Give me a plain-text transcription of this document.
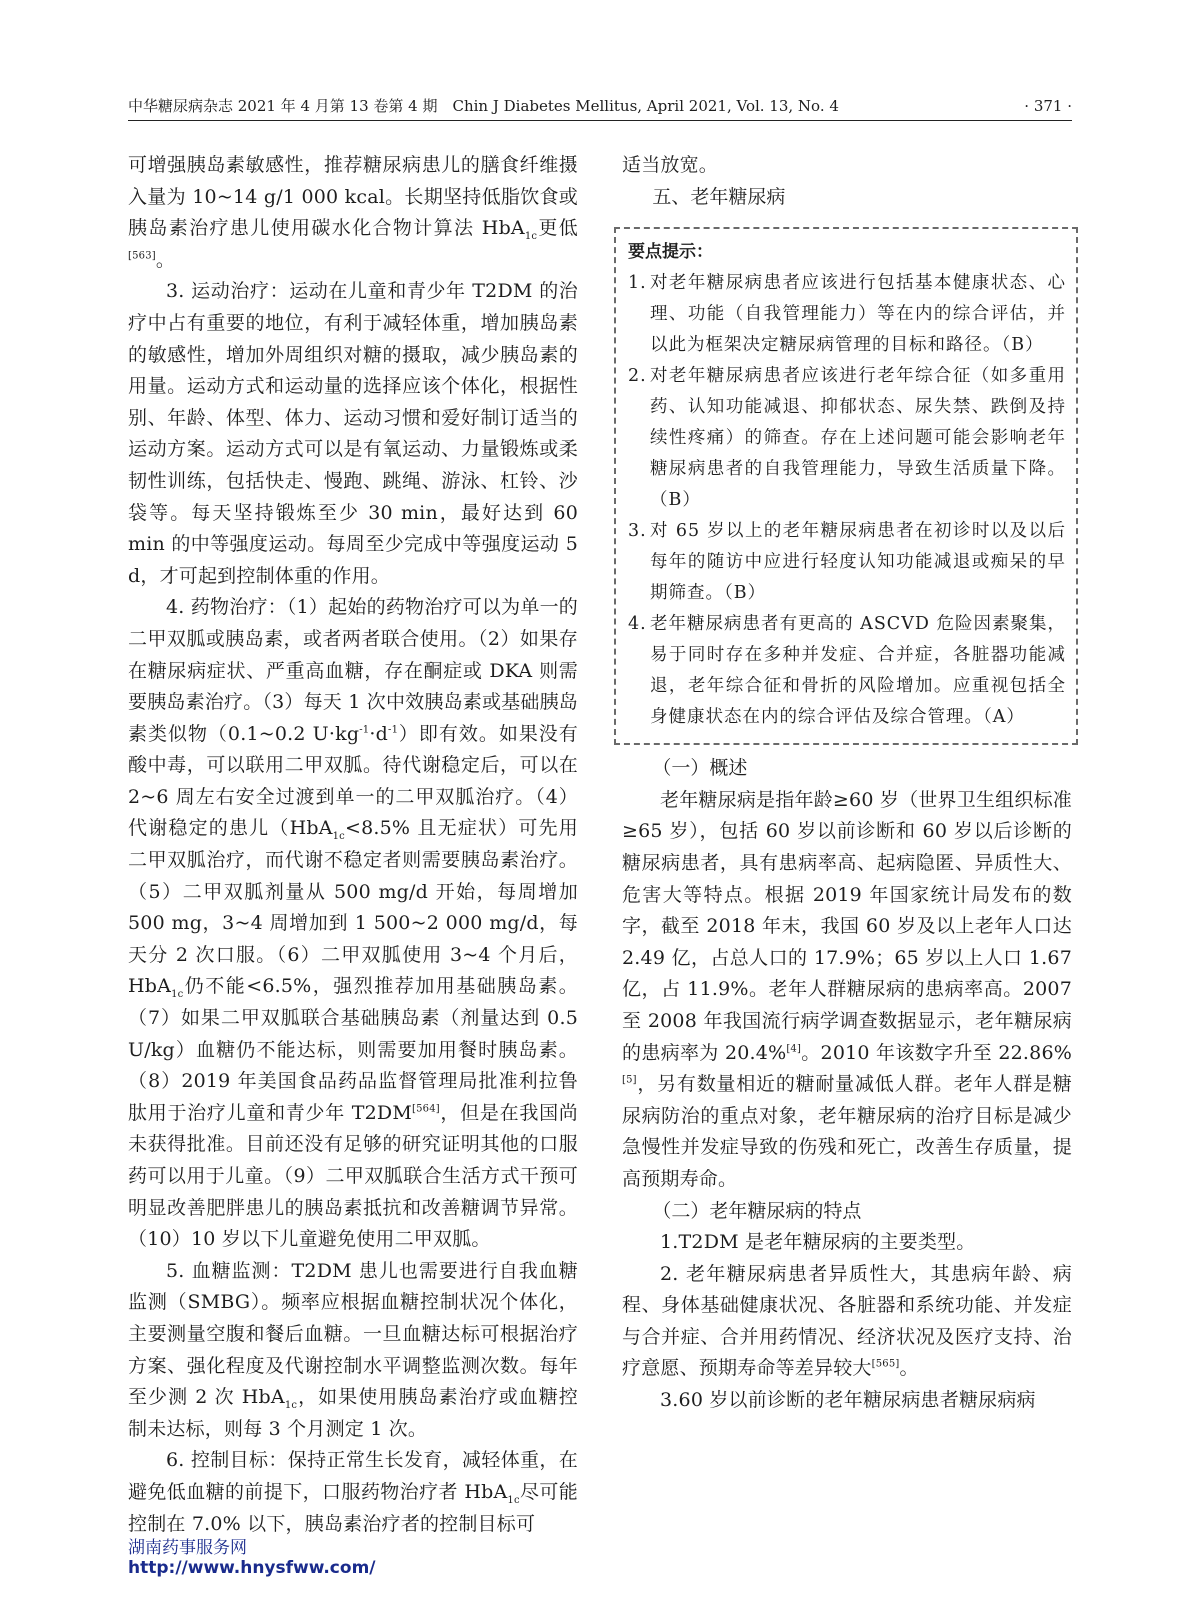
中华糖尿病杂志 2021 年 4 月第 13 卷第 4 期　Chin J Diabetes Mellitus, April 2021, Vol. 13, No. 4	· 371 ·

可增强胰岛素敏感性，推荐糖尿病患儿的膳食纤维摄入量为 10~14 g/1 000 kcal。长期坚持低脂饮食或胰岛素治疗患儿使用碳水化合物计算法 HbA$_{1c}$更低[563]。

3. 运动治疗：运动在儿童和青少年 T2DM 的治疗中占有重要的地位，有利于减轻体重，增加胰岛素的敏感性，增加外周组织对糖的摄取，减少胰岛素的用量。运动方式和运动量的选择应该个体化，根据性别、年龄、体型、体力、运动习惯和爱好制订适当的运动方案。运动方式可以是有氧运动、力量锻炼或柔韧性训练，包括快走、慢跑、跳绳、游泳、杠铃、沙袋等。每天坚持锻炼至少 30 min，最好达到 60 min 的中等强度运动。每周至少完成中等强度运动 5 d，才可起到控制体重的作用。

4. 药物治疗：（1）起始的药物治疗可以为单一的二甲双胍或胰岛素，或者两者联合使用。（2）如果存在糖尿病症状、严重高血糖，存在酮症或 DKA 则需要胰岛素治疗。（3）每天 1 次中效胰岛素或基础胰岛素类似物（0.1~0.2 $U\cdot kg^{-1}\cdot d^{-1}$）即有效。如果没有酸中毒，可以联用二甲双胍。待代谢稳定后，可以在 2~6 周左右安全过渡到单一的二甲双胍治疗。（4）代谢稳定的患儿（HbA$_{1c}$<8.5% 且无症状）可先用二甲双胍治疗，而代谢不稳定者则需要胰岛素治疗。（5）二甲双胍剂量从 500 mg/d 开始，每周增加 500 mg，3~4 周增加到 1 500~2 000 mg/d，每天分 2 次口服。（6）二甲双胍使用 3~4 个月后，HbA$_{1c}$仍不能<6.5%，强烈推荐加用基础胰岛素。（7）如果二甲双胍联合基础胰岛素（剂量达到 0.5 U/kg）血糖仍不能达标，则需要加用餐时胰岛素。（8）2019 年美国食品药品监督管理局批准利拉鲁肽用于治疗儿童和青少年 T2DM[564]，但是在我国尚未获得批准。目前还没有足够的研究证明其他的口服药可以用于儿童。（9）二甲双胍联合生活方式干预可明显改善肥胖患儿的胰岛素抵抗和改善糖调节异常。（10）10 岁以下儿童避免使用二甲双胍。

5. 血糖监测：T2DM 患儿也需要进行自我血糖监测（SMBG）。频率应根据血糖控制状况个体化，主要测量空腹和餐后血糖。一旦血糖达标可根据治疗方案、强化程度及代谢控制水平调整监测次数。每年至少测 2 次 HbA$_{1c}$，如果使用胰岛素治疗或血糖控制未达标，则每 3 个月测定 1 次。

6. 控制目标：保持正常生长发育，减轻体重，在避免低血糖的前提下，口服药物治疗者 HbA$_{1c}$尽可能控制在 7.0% 以下，胰岛素治疗者的控制目标可

适当放宽。

五、老年糖尿病

要点提示：
1. 对老年糖尿病患者应该进行包括基本健康状态、心理、功能（自我管理能力）等在内的综合评估，并以此为框架决定糖尿病管理的目标和路径。（B）
2. 对老年糖尿病患者应该进行老年综合征（如多重用药、认知功能减退、抑郁状态、尿失禁、跌倒及持续性疼痛）的筛查。存在上述问题可能会影响老年糖尿病患者的自我管理能力，导致生活质量下降。（B）
3. 对 65 岁以上的老年糖尿病患者在初诊时以及以后每年的随访中应进行轻度认知功能减退或痴呆的早期筛查。（B）
4. 老年糖尿病患者有更高的 ASCVD 危险因素聚集，易于同时存在多种并发症、合并症，各脏器功能减退，老年综合征和骨折的风险增加。应重视包括全身健康状态在内的综合评估及综合管理。（A）

（一）概述

老年糖尿病是指年龄≥60 岁（世界卫生组织标准≥65 岁），包括 60 岁以前诊断和 60 岁以后诊断的糖尿病患者，具有患病率高、起病隐匿、异质性大、危害大等特点。根据 2019 年国家统计局发布的数字，截至 2018 年末，我国 60 岁及以上老年人口达 2.49 亿，占总人口的 17.9%；65 岁以上人口 1.67 亿，占 11.9%。老年人群糖尿病的患病率高。2007 至 2008 年我国流行病学调查数据显示，老年糖尿病的患病率为 20.4%[4]。2010 年该数字升至 22.86%[5]，另有数量相近的糖耐量减低人群。老年人群是糖尿病防治的重点对象，老年糖尿病的治疗目标是减少急慢性并发症导致的伤残和死亡，改善生存质量，提高预期寿命。

（二）老年糖尿病的特点

1.T2DM 是老年糖尿病的主要类型。

2. 老年糖尿病患者异质性大，其患病年龄、病程、身体基础健康状况、各脏器和系统功能、并发症与合并症、合并用药情况、经济状况及医疗支持、治疗意愿、预期寿命等差异较大[565]。

3.60 岁以前诊断的老年糖尿病患者糖尿病病

湖南药事服务网
http://www.hnysfww.com/
